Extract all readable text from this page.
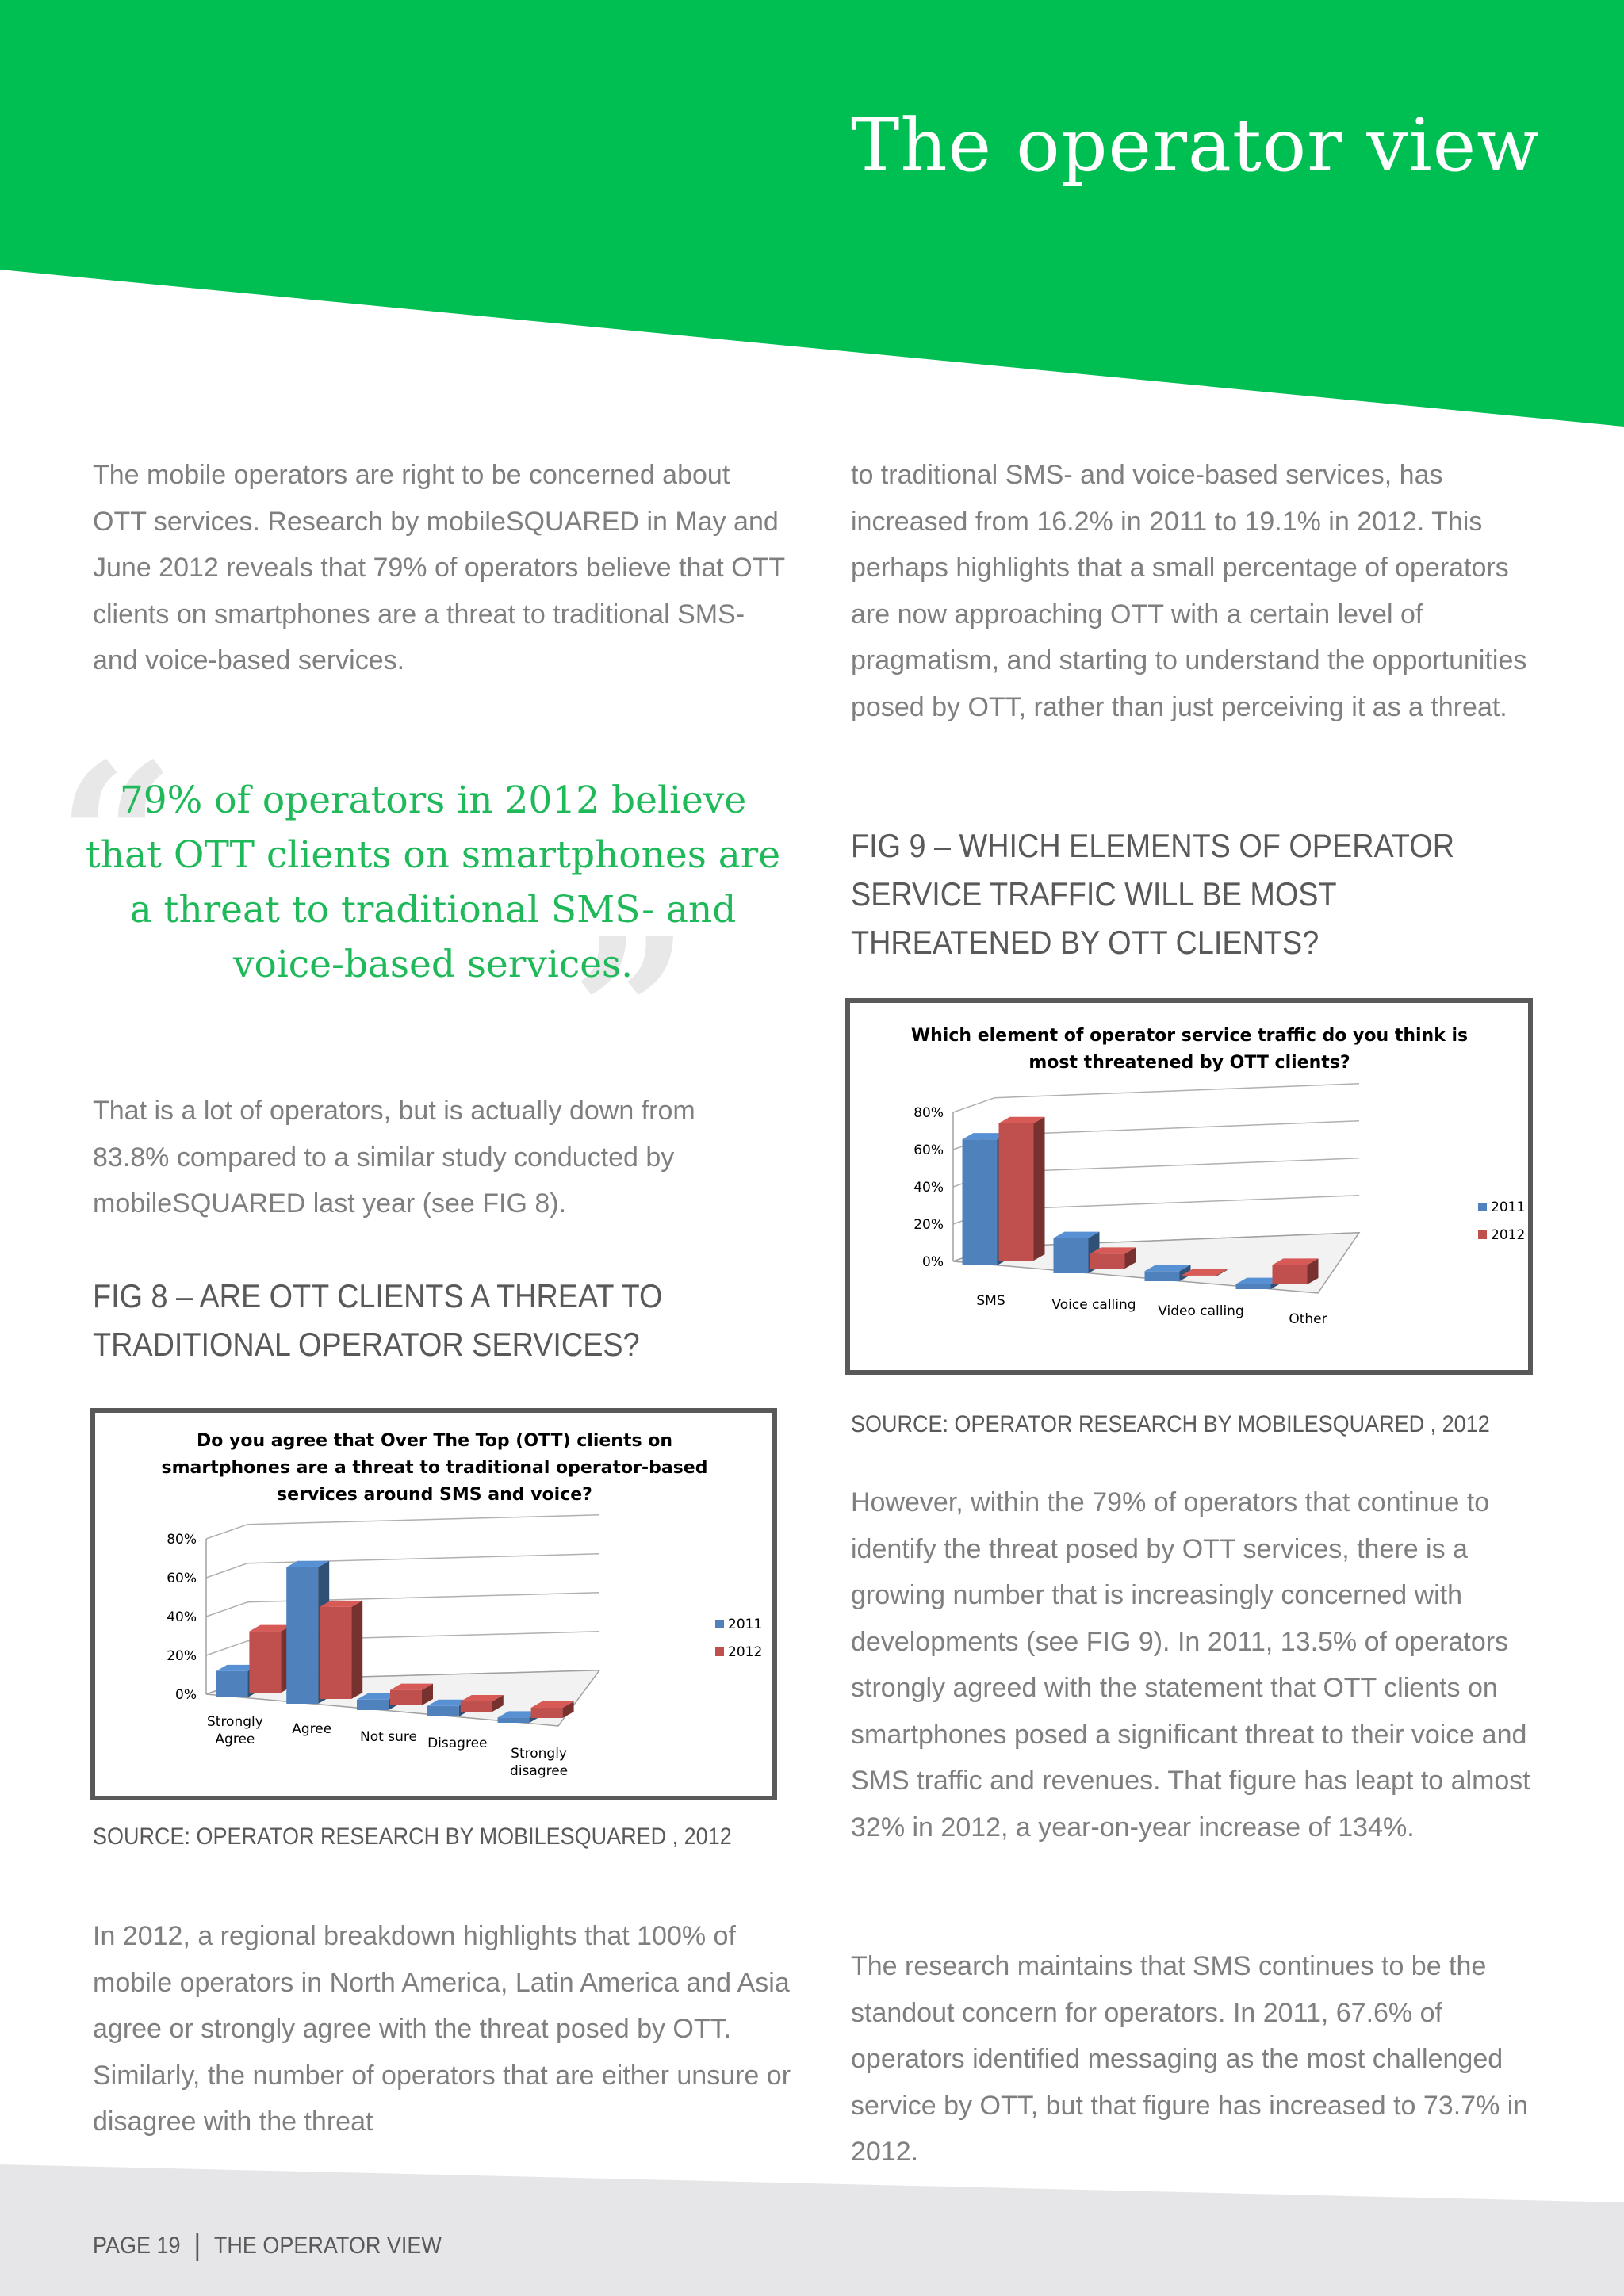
The operator view

The mobile operators are right to be concerned about OTT services. Research by mobileSQUARED in May and June 2012 reveals that 79% of operators believe that OTT clients on smartphones are a threat to traditional SMS- and voice-based services.

“
”

79% of operators in 2012 believe that OTT clients on smartphones are a threat to traditional SMS- and voice-based services.

That is a lot of operators, but is actually down from 83.8% compared to a similar study conducted by mobileSQUARED last year (see FIG 8).

FIG 8 – ARE OTT CLIENTS A THREAT TO TRADITIONAL OPERATOR SERVICES?
Do you agree that Over The Top (OTT) clients on
smartphones are a threat to traditional operator-based
services around SMS and voice?
0%
20%
40%
60%
80%
Strongly
Agree
Agree Not sure Disagree
Strongly
disagree
2011
2012

SOURCE: OPERATOR RESEARCH BY MOBILESQUARED , 2012

In 2012, a regional breakdown highlights that 100% of mobile operators in North America, Latin America and Asia agree or strongly agree with the threat posed by OTT. Similarly, the number of operators that are either unsure or disagree with the threat

to traditional SMS- and voice-based services, has increased from 16.2% in 2011 to 19.1% in 2012. This perhaps highlights that a small percentage of operators are now approaching OTT with a certain level of pragmatism, and starting to understand the opportunities posed by OTT, rather than just perceiving it as a threat.

FIG 9 – WHICH ELEMENTS OF OPERATOR SERVICE TRAFFIC WILL BE MOST THREATENED BY OTT CLIENTS?
Which element of operator service traffic do you think is
most threatened by OTT clients?
0%
20%
40%
60%
80%
SMS	Voice calling Video calling	Other
2011
2012

SOURCE: OPERATOR RESEARCH BY MOBILESQUARED , 2012

However, within the 79% of operators that continue to identify the threat posed by OTT services, there is a growing number that is increasingly concerned with developments (see FIG 9). In 2011, 13.5% of operators strongly agreed with the statement that OTT clients on smartphones posed a significant threat to their voice and SMS traffic and revenues. That figure has leapt to almost 32% in 2012, a year-on-year increase of 134%.

The research maintains that SMS continues to be the standout concern for operators. In 2011, 67.6% of operators identified messaging as the most challenged service by OTT, but that figure has increased to 73.7% in 2012.

PAGE 19 THE OPERATOR VIEW
